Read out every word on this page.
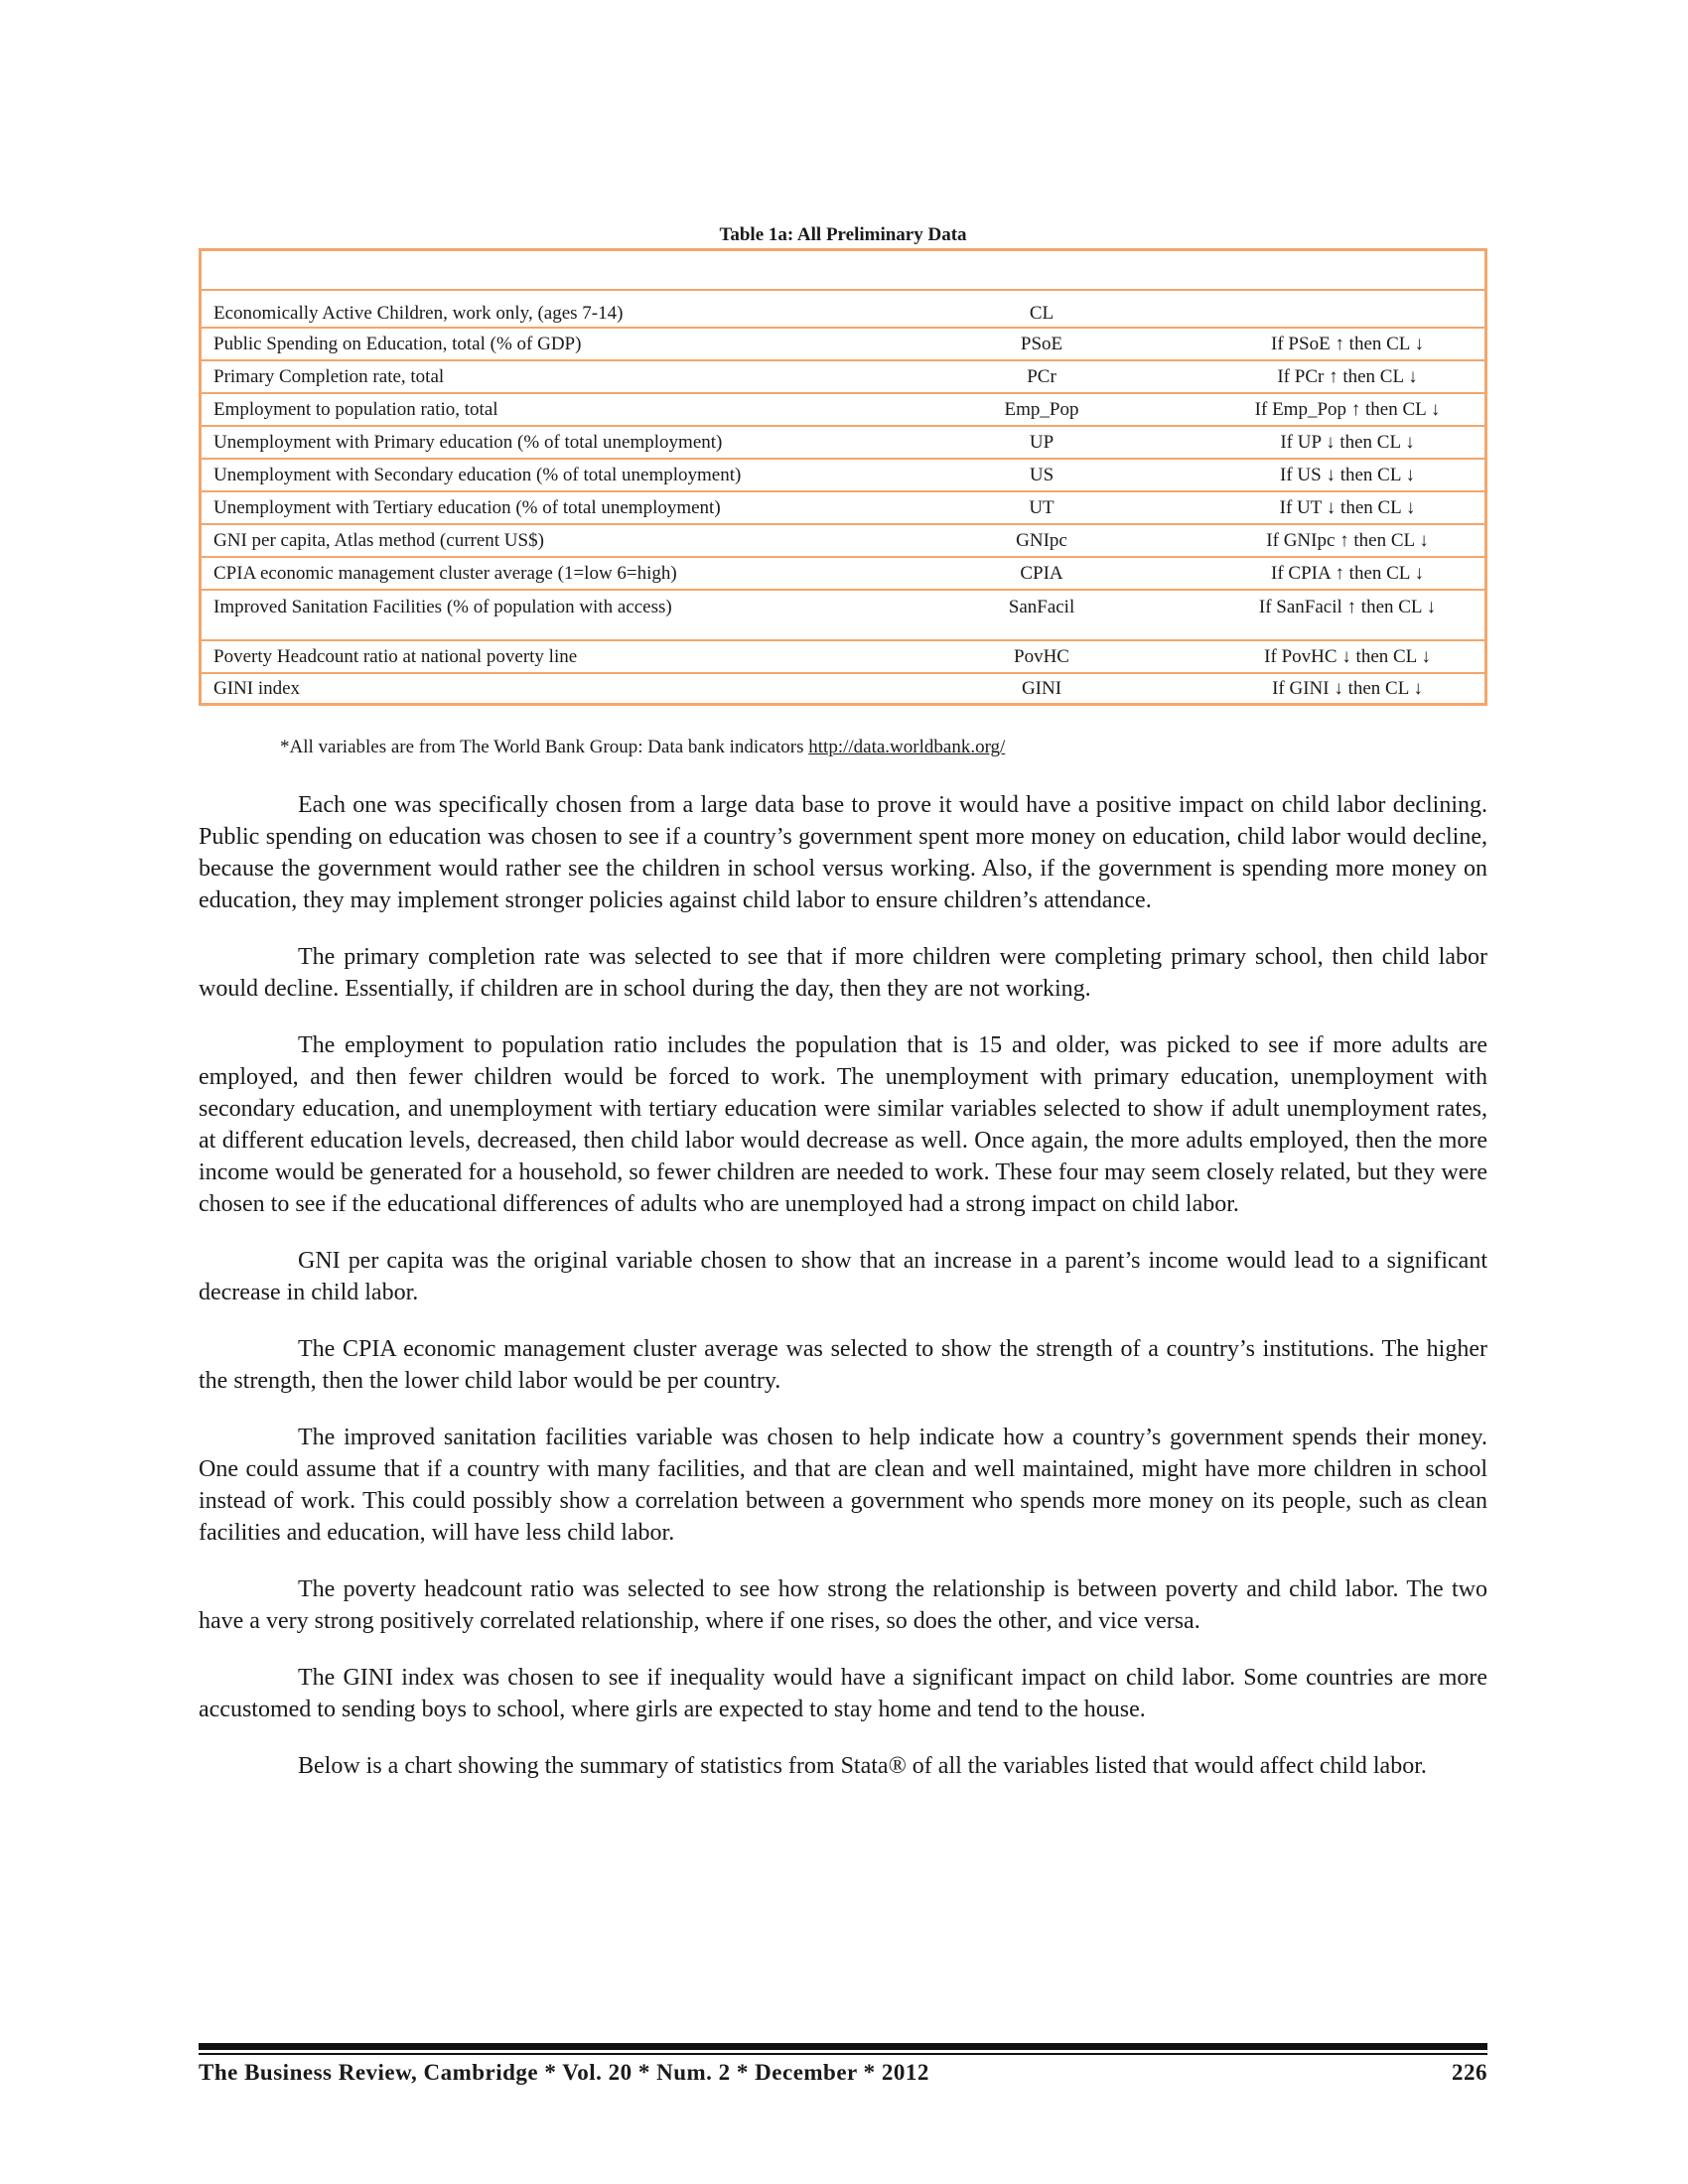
Table 1a: All Preliminary Data

Economically Active Children, work only, (ages 7-14)	CL	
Public Spending on Education, total (% of GDP)	PSoE	If PSoE ↑ then CL ↓
Primary Completion rate, total	PCr	If PCr ↑ then CL ↓
Employment to population ratio, total	Emp_Pop	If Emp_Pop ↑ then CL ↓
Unemployment with Primary education (% of total unemployment)	UP	If UP ↓ then CL ↓
Unemployment with Secondary education (% of total unemployment)	US	If US ↓ then CL ↓
Unemployment with Tertiary education (% of total unemployment)	UT	If UT ↓ then CL ↓
GNI per capita, Atlas method (current US$)	GNIpc	If GNIpc ↑ then CL ↓
CPIA economic management cluster average (1=low 6=high)	CPIA	If CPIA ↑ then CL ↓
Improved Sanitation Facilities (% of population with access)	SanFacil	If SanFacil ↑ then CL ↓
Poverty Headcount ratio at national poverty line	PovHC	If PovHC ↓ then CL ↓
GINI index	GINI	If GINI ↓ then CL ↓
*All variables are from The World Bank Group: Data bank indicators http://data.worldbank.org/

Each one was specifically chosen from a large data base to prove it would have a positive impact on child labor declining. Public spending on education was chosen to see if a country’s government spent more money on education, child labor would decline, because the government would rather see the children in school versus working. Also, if the government is spending more money on education, they may implement stronger policies against child labor to ensure children’s attendance.

The primary completion rate was selected to see that if more children were completing primary school, then child labor would decline. Essentially, if children are in school during the day, then they are not working.

The employment to population ratio includes the population that is 15 and older, was picked to see if more adults are employed, and then fewer children would be forced to work. The unemployment with primary education, unemployment with secondary education, and unemployment with tertiary education were similar variables selected to show if adult unemployment rates, at different education levels, decreased, then child labor would decrease as well. Once again, the more adults employed, then the more income would be generated for a household, so fewer children are needed to work. These four may seem closely related, but they were chosen to see if the educational differences of adults who are unemployed had a strong impact on child labor.

GNI per capita was the original variable chosen to show that an increase in a parent’s income would lead to a significant decrease in child labor.

The CPIA economic management cluster average was selected to show the strength of a country’s institutions. The higher the strength, then the lower child labor would be per country.

The improved sanitation facilities variable was chosen to help indicate how a country’s government spends their money. One could assume that if a country with many facilities, and that are clean and well maintained, might have more children in school instead of work. This could possibly show a correlation between a government who spends more money on its people, such as clean facilities and education, will have less child labor.

The poverty headcount ratio was selected to see how strong the relationship is between poverty and child labor. The two have a very strong positively correlated relationship, where if one rises, so does the other, and vice versa.

The GINI index was chosen to see if inequality would have a significant impact on child labor. Some countries are more accustomed to sending boys to school, where girls are expected to stay home and tend to the house.

Below is a chart showing the summary of statistics from Stata® of all the variables listed that would affect child labor.

The Business Review, Cambridge * Vol. 20 * Num. 2 * December * 2012	226
